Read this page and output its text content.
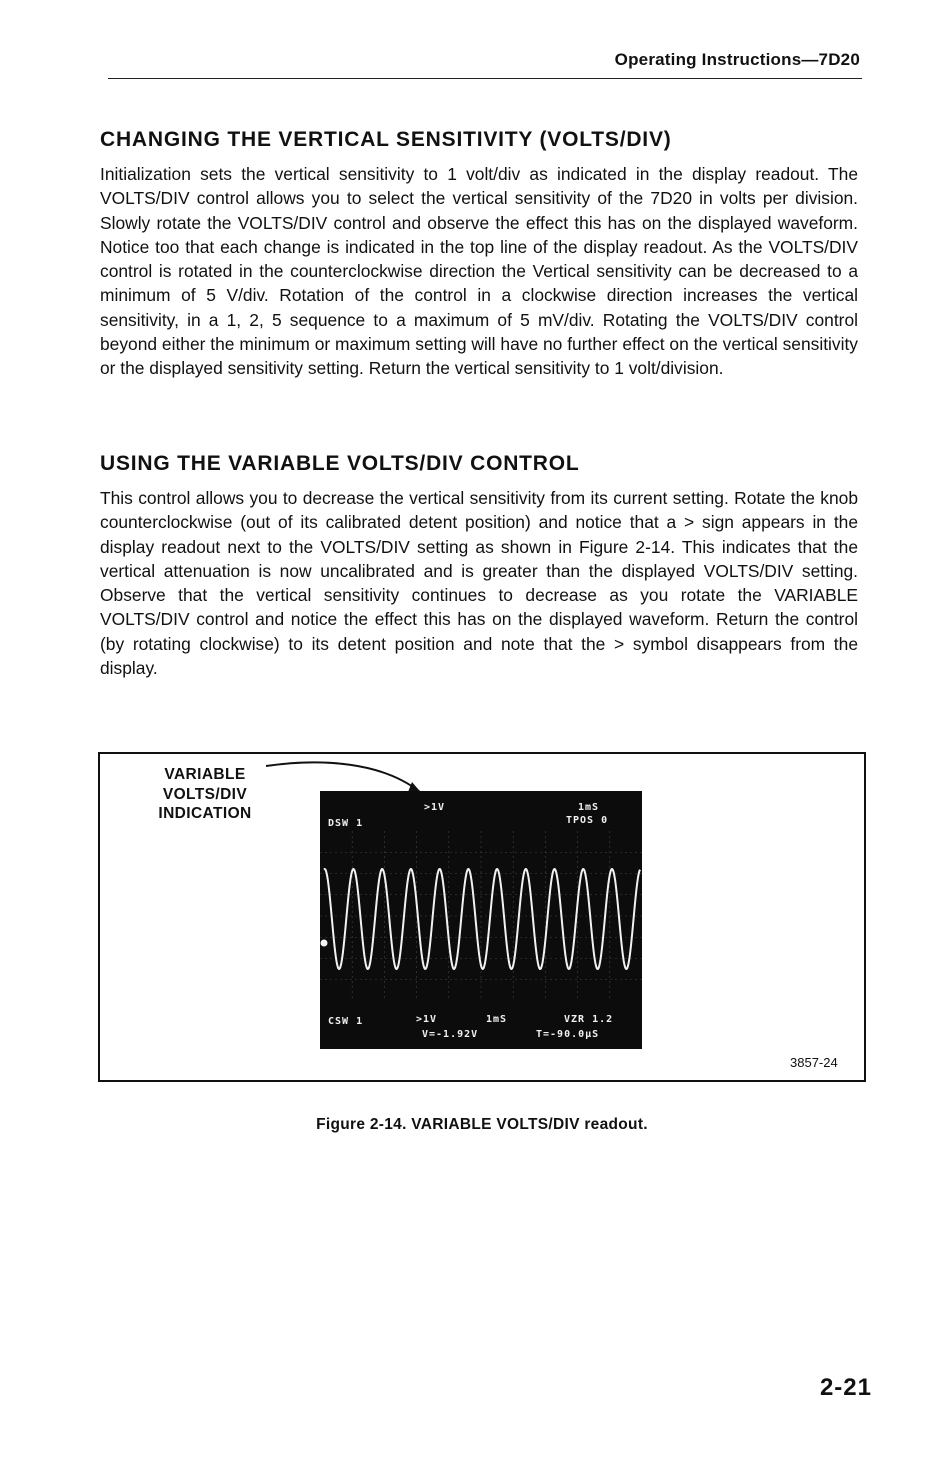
Operating Instructions—7D20
CHANGING THE VERTICAL SENSITIVITY (VOLTS/DIV)
Initialization sets the vertical sensitivity to 1 volt/div as indicated in the display readout. The VOLTS/DIV control allows you to select the vertical sensitivity of the 7D20 in volts per division. Slowly rotate the VOLTS/DIV control and observe the effect this has on the displayed waveform. Notice too that each change is indicated in the top line of the display readout. As the VOLTS/DIV control is rotated in the counterclockwise direction the Vertical sensitivity can be decreased to a minimum of 5 V/div. Rotation of the control in a clockwise direction increases the vertical sensitivity, in a 1, 2, 5 sequence to a maximum of 5 mV/div. Rotating the VOLTS/DIV control beyond either the minimum or maximum setting will have no further effect on the vertical sensitivity or the displayed sensitivity setting. Return the vertical sensitivity to 1 volt/division.
USING THE VARIABLE VOLTS/DIV CONTROL
This control allows you to decrease the vertical sensitivity from its current setting. Rotate the knob counterclockwise (out of its calibrated detent position) and notice that a > sign appears in the display readout next to the VOLTS/DIV setting as shown in Figure 2-14. This indicates that the vertical attenuation is now uncalibrated and is greater than the displayed VOLTS/DIV setting. Observe that the vertical sensitivity continues to decrease as you rotate the VARIABLE VOLTS/DIV control and notice the effect this has on the displayed waveform. Return the control (by rotating clockwise) to its detent position and note that the > symbol disappears from the display.
VARIABLE
VOLTS/DIV
INDICATION
DSW 1
>1V	1mS
TPOS 0
CSW 1	>1V	1mS	VZR 1.2
V=-1.92V	T=-90.0µS
3857-24
Figure 2-14. VARIABLE VOLTS/DIV readout.
2-21
